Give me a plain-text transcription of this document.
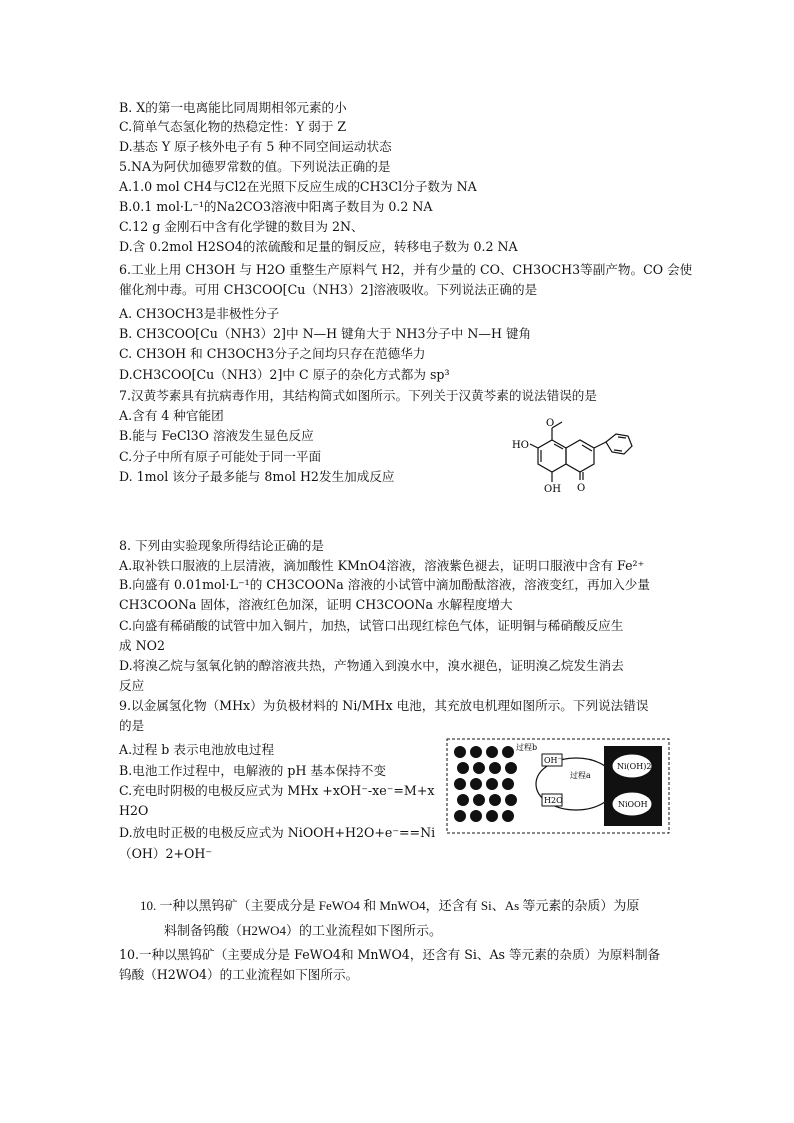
B. X的第一电离能比同周期相邻元素的小
C.简单气态氢化物的热稳定性：Y 弱于 Z
D.基态 Y 原子核外电子有 5 种不同空间运动状态
5.NA为阿伏加德罗常数的值。下列说法正确的是
A.1.0 mol CH4与Cl2在光照下反应生成的CH3Cl分子数为 NA
B.0.1 mol·L⁻¹的Na2CO3溶液中阳离子数目为 0.2 NA
C.12 g 金刚石中含有化学键的数目为 2N、
D.含 0.2mol H2SO4的浓硫酸和足量的铜反应，转移电子数为 0.2 NA
6.工业上用 CH3OH 与 H2O 重整生产原料气 H2，并有少量的 CO、CH3OCH3等副产物。CO 会使
催化剂中毒。可用 CH3COO[Cu（NH3）2]溶液吸收。下列说法正确的是
A. CH3OCH3是非极性分子
B. CH3COO[Cu（NH3）2]中 N—H 键角大于 NH3分子中 N—H 键角
C. CH3OH 和 CH3OCH3分子之间均只存在范德华力
D.CH3COO[Cu（NH3）2]中 C 原子的杂化方式都为 sp³
7.汉黄芩素具有抗病毒作用，其结构简式如图所示。下列关于汉黄芩素的说法错误的是
A.含有 4 种官能团
B.能与 FeCl3O 溶液发生显色反应
C.分子中所有原子可能处于同一平面
D. 1mol 该分子最多能与 8mol H2发生加成反应
8. 下列由实验现象所得结论正确的是
A.取补铁口服液的上层清液，滴加酸性 KMnO4溶液，溶液紫色褪去，证明口服液中含有 Fe²⁺
B.向盛有 0.01mol·L⁻¹的 CH3COONa 溶液的小试管中滴加酚酞溶液，溶液变红，再加入少量
CH3COONa 固体，溶液红色加深，证明 CH3COONa 水解程度增大
C.向盛有稀硝酸的试管中加入铜片，加热，试管口出现红棕色气体，证明铜与稀硝酸反应生
成 NO2
D.将溴乙烷与氢氧化钠的醇溶液共热，产物通入到溴水中，溴水褪色，证明溴乙烷发生消去
反应
9.以金属氢化物（MHx）为负极材料的 Ni/MHx 电池，其充放电机理如图所示。下列说法错误
的是
A.过程 b 表示电池放电过程
B.电池工作过程中，电解液的 pH 基本保持不变
C.充电时阴极的电极反应式为 MHx +xOH⁻-xe⁻=M+x
H2O
D.放电时正极的电极反应式为 NiOOH+H2O+e⁻==Ni
（OH）2+OH⁻
10. 一种以黑钨矿（主要成分是 FeWO4 和 MnWO4，还含有 Si、As 等元素的杂质）为原
料制备钨酸（H2WO4）的工业流程如下图所示。
10.一种以黑钨矿（主要成分是 FeWO4和 MnWO4，还含有 Si、As 等元素的杂质）为原料制备
钨酸（H2WO4）的工业流程如下图所示。
O
HO
OH O
过程b
过程a
OH⁻
H2O
Ni(OH)2
NiOOH
